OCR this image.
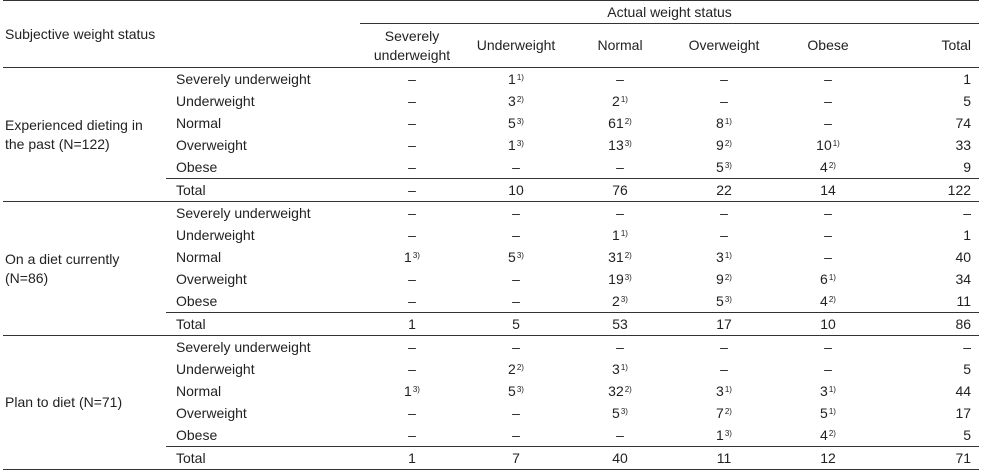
Subjective weight status		Actual weight status					
		Severely underweight	Underweight	Normal	Overweight	Obese	Total
Experienced dieting in the past (N=122)	Severely underweight	–	1$^{1)}$	–	–	–	1
	Underweight	–	3$^{2)}$	2$^{1)}$	–	–	5
	Normal	–	5$^{3)}$	61$^{2)}$	8$^{1)}$	–	74
	Overweight	–	1$^{3)}$	13$^{3)}$	9$^{2)}$	10$^{1)}$	33
	Obese	–	–	–	5$^{3)}$	4$^{2)}$	9
	Total	–	10	76	22	14	122
On a diet currently (N=86)	Severely underweight	–	–	–	–	–	–
	Underweight	–	–	1$^{1)}$	–	–	1
	Normal	1$^{3)}$	5$^{3)}$	31$^{2)}$	3$^{1)}$	–	40
	Overweight	–	–	19$^{3)}$	9$^{2)}$	6$^{1)}$	34
	Obese	–	–	2$^{3)}$	5$^{3)}$	4$^{2)}$	11
	Total	1	5	53	17	10	86
Plan to diet (N=71)	Severely underweight	–	–	–	–	–	–
	Underweight	–	2$^{2)}$	3$^{1)}$	–	–	5
	Normal	1$^{3)}$	5$^{3)}$	32$^{2)}$	3$^{1)}$	3$^{1)}$	44
	Overweight	–	–	5$^{3)}$	7$^{2)}$	5$^{1)}$	17
	Obese	–	–	–	1$^{3)}$	4$^{2)}$	5
	Total	1	7	40	11	12	71
